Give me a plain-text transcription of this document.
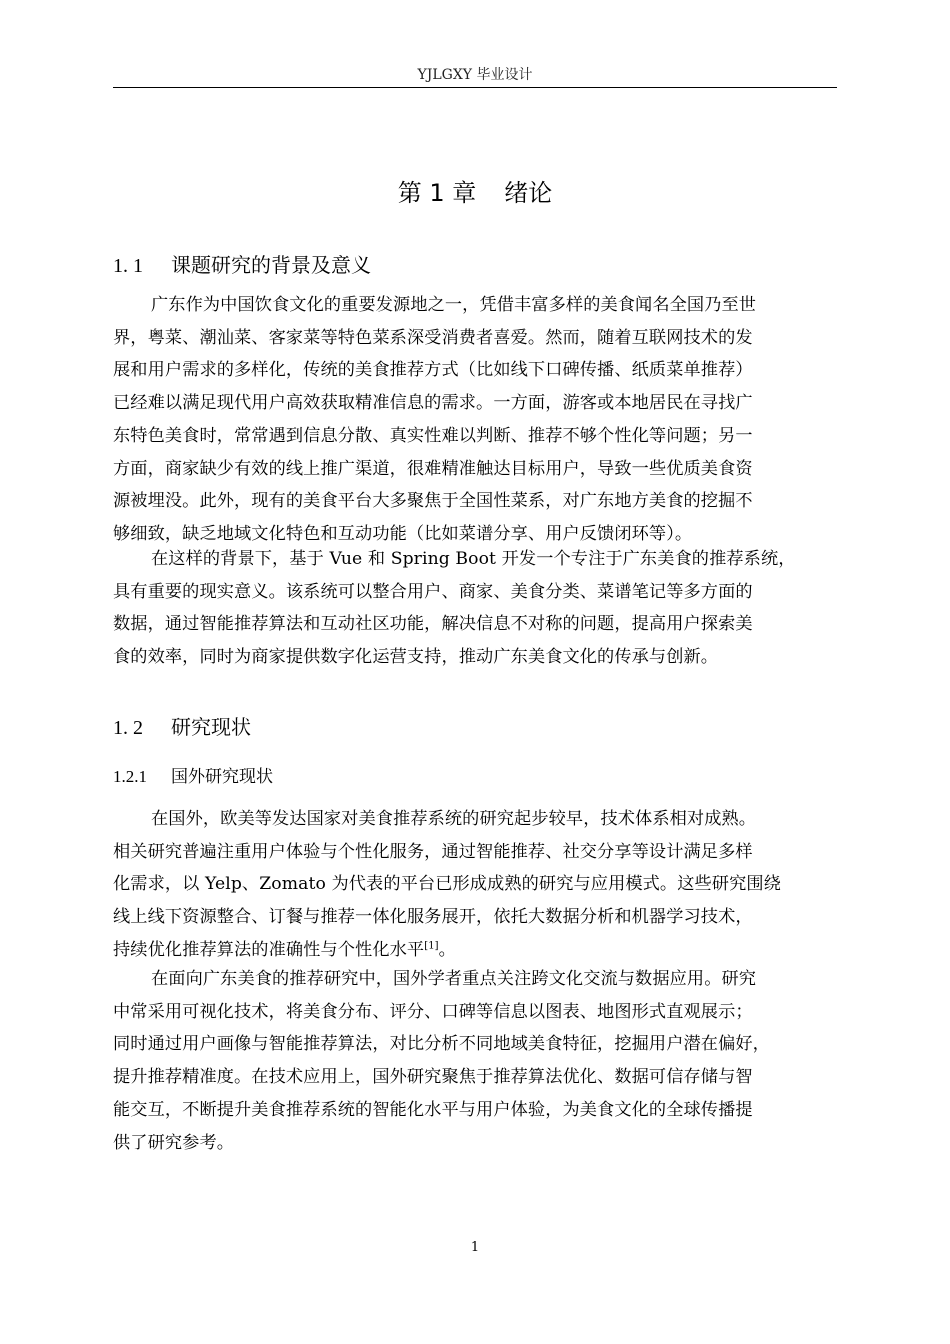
YJLGXY 毕业设计
第 1 章 绪论
1. 1 课题研究的背景及意义
广东作为中国饮食文化的重要发源地之一，凭借丰富多样的美食闻名全国乃至世
界，粤菜、潮汕菜、客家菜等特色菜系深受消费者喜爱。然而，随着互联网技术的发
展和用户需求的多样化，传统的美食推荐方式（比如线下口碑传播、纸质菜单推荐）
已经难以满足现代用户高效获取精准信息的需求。一方面，游客或本地居民在寻找广
东特色美食时，常常遇到信息分散、真实性难以判断、推荐不够个性化等问题；另一
方面，商家缺少有效的线上推广渠道，很难精准触达目标用户，导致一些优质美食资
源被埋没。此外，现有的美食平台大多聚焦于全国性菜系，对广东地方美食的挖掘不
够细致，缺乏地域文化特色和互动功能（比如菜谱分享、用户反馈闭环等）。
在这样的背景下，基于 Vue 和 Spring Boot 开发一个专注于广东美食的推荐系统，
具有重要的现实意义。该系统可以整合用户、商家、美食分类、菜谱笔记等多方面的
数据，通过智能推荐算法和互动社区功能，解决信息不对称的问题，提高用户探索美
食的效率，同时为商家提供数字化运营支持，推动广东美食文化的传承与创新。
1. 2 研究现状
1.2.1 国外研究现状
在国外，欧美等发达国家对美食推荐系统的研究起步较早，技术体系相对成熟。
相关研究普遍注重用户体验与个性化服务，通过智能推荐、社交分享等设计满足多样
化需求，以 Yelp、Zomato 为代表的平台已形成成熟的研究与应用模式。这些研究围绕
线上线下资源整合、订餐与推荐一体化服务展开，依托大数据分析和机器学习技术，
持续优化推荐算法的准确性与个性化水平[1]。
在面向广东美食的推荐研究中，国外学者重点关注跨文化交流与数据应用。研究
中常采用可视化技术，将美食分布、评分、口碑等信息以图表、地图形式直观展示；
同时通过用户画像与智能推荐算法，对比分析不同地域美食特征，挖掘用户潜在偏好，
提升推荐精准度。在技术应用上，国外研究聚焦于推荐算法优化、数据可信存储与智
能交互，不断提升美食推荐系统的智能化水平与用户体验，为美食文化的全球传播提
供了研究参考。
1
